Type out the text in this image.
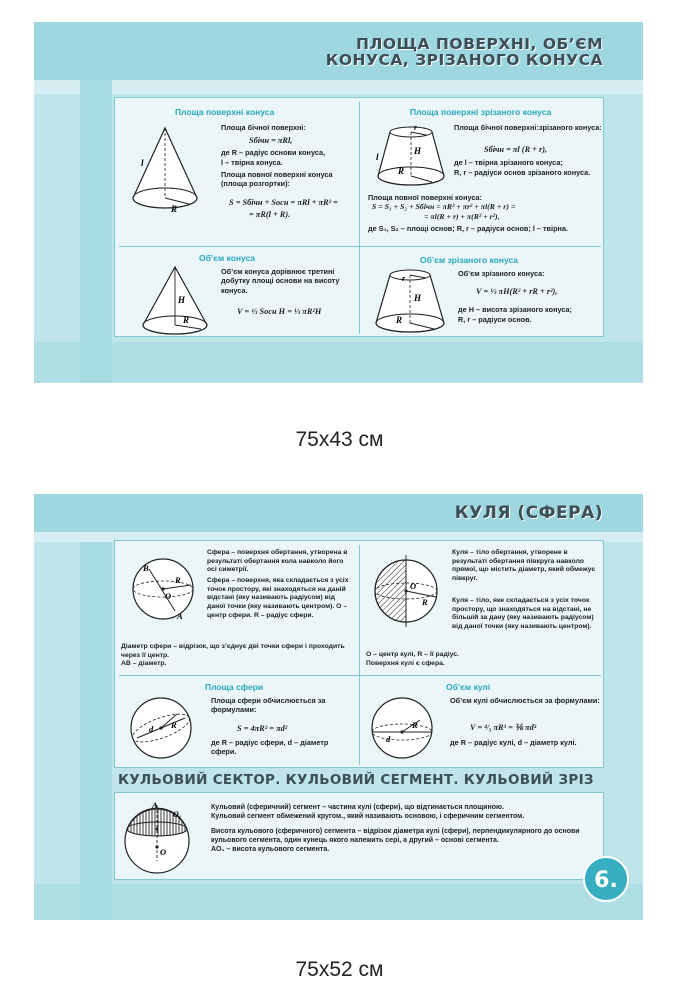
ПЛОЩА ПОВЕРХНІ, ОБ’ЄМ
КОНУСА, ЗРІЗАНОГО КОНУСА
Площа поверхні конуса
l
R

Площа бічної поверхні:

Sбічн = πRl,

де R – радіус основи конуса,

l – твірна конуса.

Площа повної поверхні конуса (площа розгортки):

S = Sбічн + Sосн = πRl + πR² =
= πR(l + R).
Площа поверхні зрізаного конуса
r
H
l
R

Площа бічної поверхні:зрізаного конуса:

Sбічн = πl (R + r),

де l – твірна зрізаного конуса;

R, r – радіуси основ зрізаного конуса.

Площа повної поверхні конуса:

S = S₁ + S₂ + Sбічн = πR² + πr² + πl(R + r) =
= πl(R + r) + π(R² + r²),

де S₁, S₂ – площі основ; R, r – радіуси основ; l – твірна.

Об’єм конуса
H
R

Об’єм конуса дорівнює третині добутку площі основи на висоту конуса.

V = ⅓ Sосн H = ⅓ πR²H
Об’єм зрізаного конуса
r
H
R

Об’єм зрізаного конуса:

V = ⅓ πH(R² + rR + r²),

де H – висота зрізаного конуса;

R, r – радіуси основ.

75x43 см
КУЛЯ (СФЕРА)
B
R
O
A

Сфера – поверхня обертання, утворена в результаті обертання кола навколо його осі симетрії.

Сфера – поверхня, яка складається з усіх точок простору, які знаходяться на даній відстані (яку називають радіусом) від даної точки (яку називають центром). O – центр сфери. R – радіус сфери.

Діаметр сфери – відрізок, що з’єднує дві точки сфери і проходить через її центр.

AB – діаметр.

O
R

Куля – тіло обертання, утворене в результаті обертання півкруга навколо прямої, що містить діаметр, який обмежує півкруг.

Куля – тіло, яке складається з усіх точок простору, що знаходяться на відстані, не більшій за дану (яку називають радіусом) від даної точки (яку називають центром).

O – центр кулі, R – її радіус.

Поверхня кулі є сфера.

Площа сфери
R
d

Площа сфери обчислюється за формулами:

S = 4πR² = πd²

де R – радіус сфери, d – діаметр сфери.

Об’єм кулі
R
d

Об’єм кулі обчислюється за формулами:

V = ⁴⁄₃ πR³ = ⅙ πd³

де R – радіус кулі, d – діаметр кулі.

КУЛЬОВИЙ СЕКТОР. КУЛЬОВИЙ СЕГМЕНТ. КУЛЬОВИЙ ЗРІЗ
A
O₁
O

Кульовий (сферичний) сегмент – частина кулі (сфери), що відтинається площиною.

Кульовий сегмент обмежений кругом., який називають основою, і сферичним сегментом.

Висота кульового (сферичного) сегмента – відрізок діаметра кулі (сфери), перпендикулярного до основи кульового сегмента, один кунець якого належить сері, а другий – основі сегмента.

AO₁ – висота кульового сегмента.

6.
75x52 см
